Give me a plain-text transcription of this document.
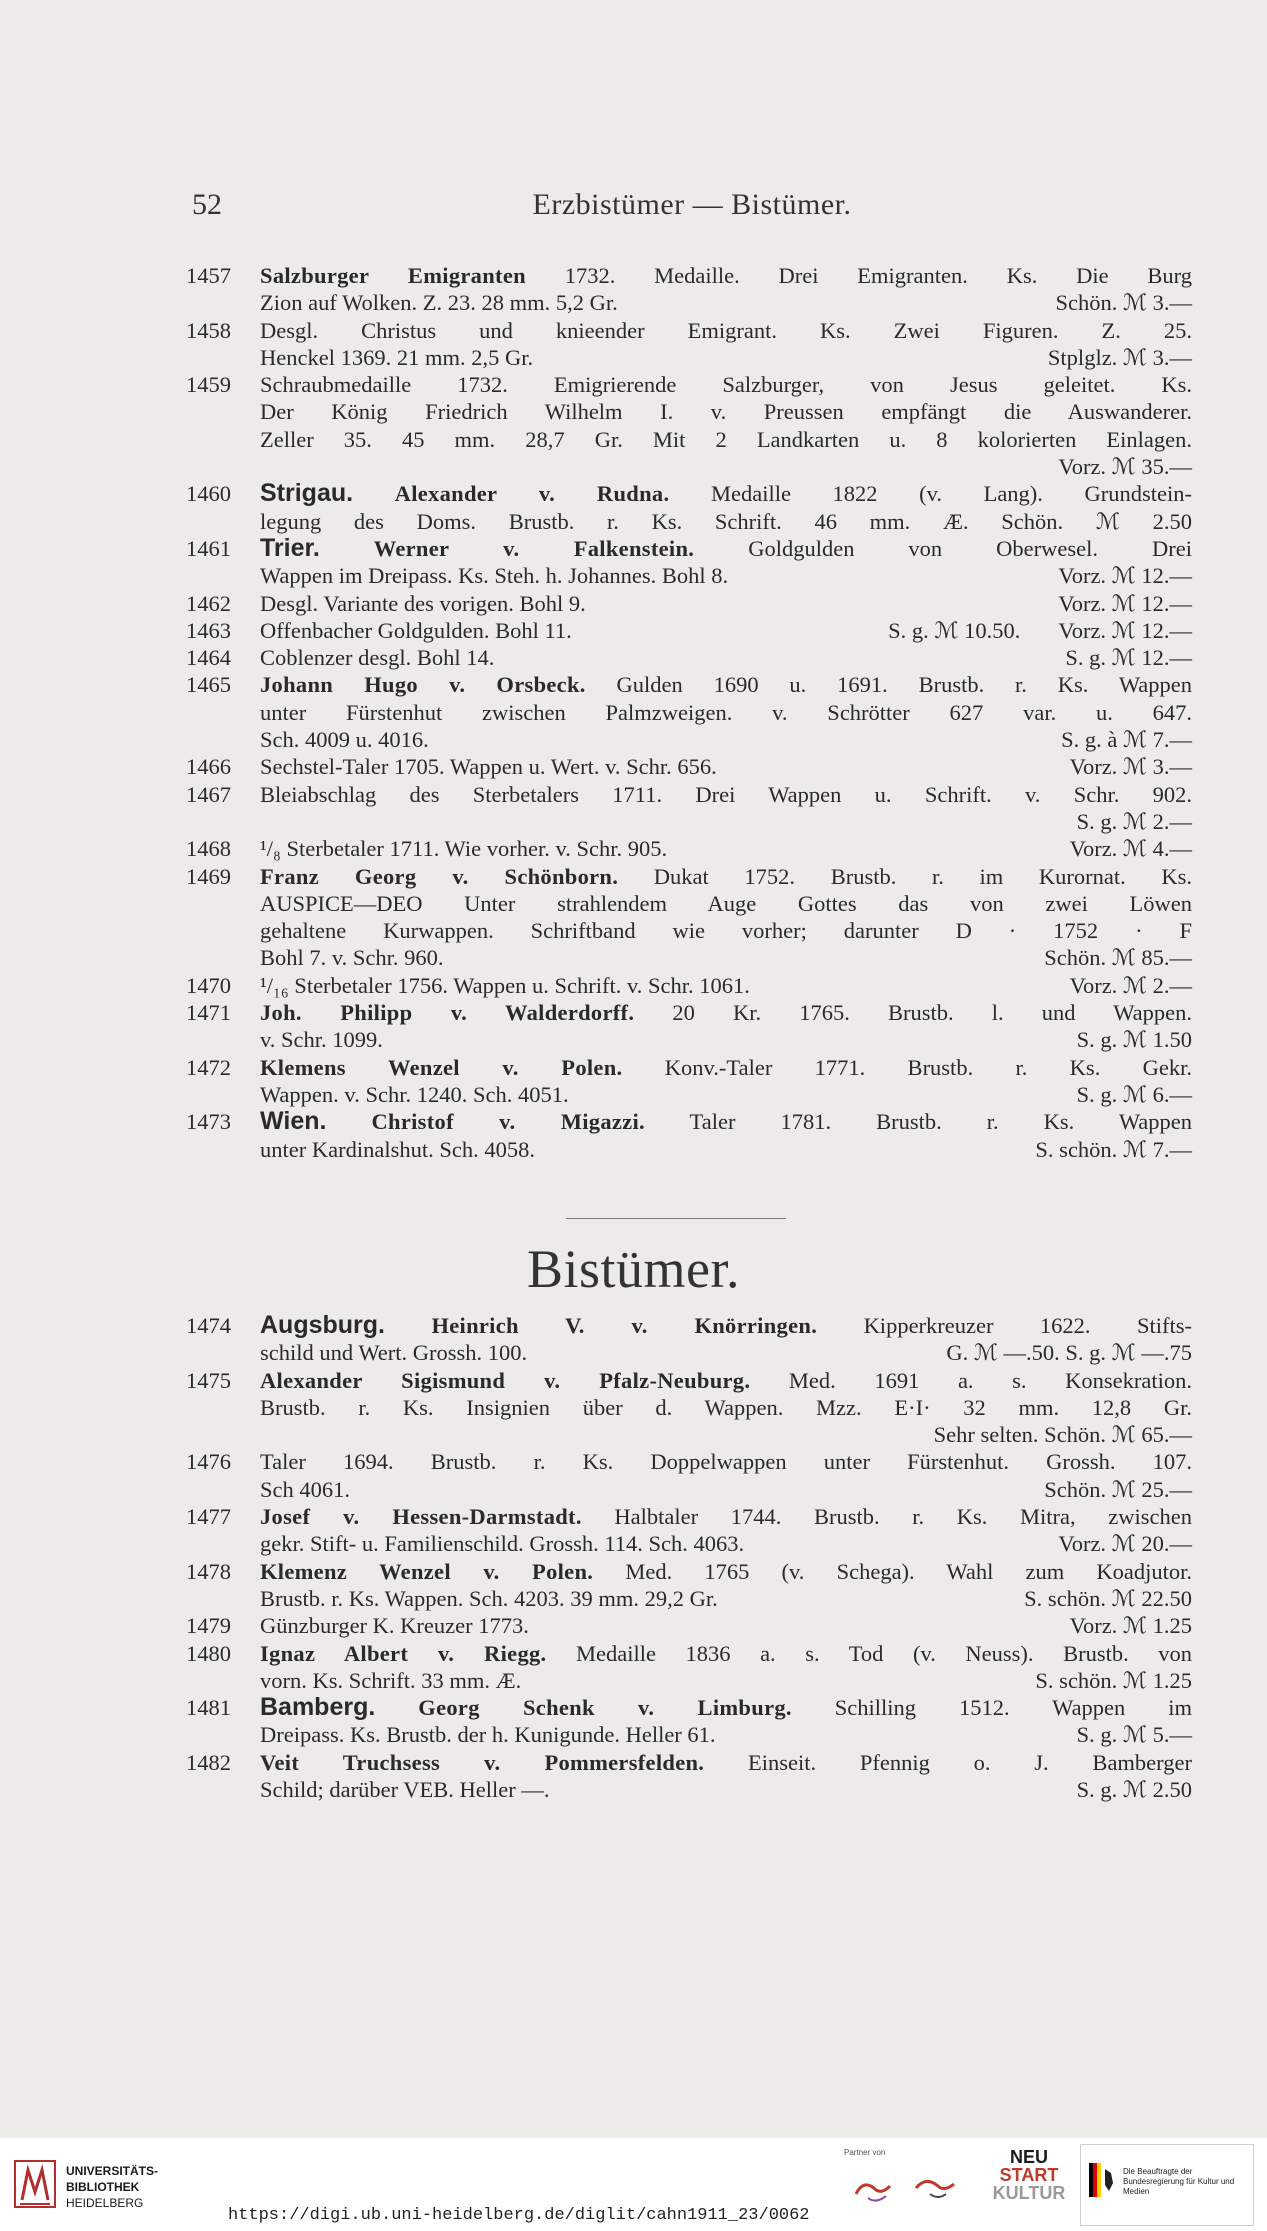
52	Erzbistümer — Bistümer.
1457 Salzburger Emigranten 1732. Medaille. Drei Emigranten. Ks. Die Burg
Zion auf Wolken. Z. 23. 28 mm. 5,2 Gr.	Schön. ℳ 3.—
1458 Desgl. Christus und knieender Emigrant. Ks. Zwei Figuren. Z. 25.
Henckel 1369. 21 mm. 2,5 Gr.	Stplglz. ℳ 3.—
1459 Schraubmedaille 1732. Emigrierende Salzburger, von Jesus geleitet. Ks.
Der König Friedrich Wilhelm I. v. Preussen empfängt die Auswanderer.
Zeller 35. 45 mm. 28,7 Gr. Mit 2 Landkarten u. 8 kolorierten Einlagen.
Vorz. ℳ 35.—
1460 Strigau. Alexander v. Rudna. Medaille 1822 (v. Lang). Grundstein-
legung des Doms. Brustb. r. Ks. Schrift. 46 mm. Æ. Schön. ℳ 2.50
1461 Trier. Werner v. Falkenstein. Goldgulden von Oberwesel. Drei
Wappen im Dreipass. Ks. Steh. h. Johannes. Bohl 8.	Vorz. ℳ 12.—
1462 Desgl. Variante des vorigen. Bohl 9.	Vorz. ℳ 12.—
1463 Offenbacher Goldgulden. Bohl 11.	S. g. ℳ 10.50. Vorz. ℳ 12.—
1464 Coblenzer desgl. Bohl 14.	S. g. ℳ 12.—
1465 Johann Hugo v. Orsbeck. Gulden 1690 u. 1691. Brustb. r. Ks. Wappen
unter Fürstenhut zwischen Palmzweigen. v. Schrötter 627 var. u. 647.
Sch. 4009 u. 4016.	S. g. à ℳ 7.—
1466 Sechstel-Taler 1705. Wappen u. Wert. v. Schr. 656.	Vorz. ℳ 3.—
1467 Bleiabschlag des Sterbetalers 1711. Drei Wappen u. Schrift. v. Schr. 902.
S. g. ℳ 2.—
1468 ¹/₈ Sterbetaler 1711. Wie vorher. v. Schr. 905.	Vorz. ℳ 4.—
1469 Franz Georg v. Schönborn. Dukat 1752. Brustb. r. im Kurornat. Ks.
AUSPICE—DEO Unter strahlendem Auge Gottes das von zwei Löwen
gehaltene Kurwappen. Schriftband wie vorher; darunter D · 1752 · F
Bohl 7. v. Schr. 960.	Schön. ℳ 85.—
1470 ¹/₁₆ Sterbetaler 1756. Wappen u. Schrift. v. Schr. 1061.	Vorz. ℳ 2.—
1471 Joh. Philipp v. Walderdorff. 20 Kr. 1765. Brustb. l. und Wappen.
v. Schr. 1099.	S. g. ℳ 1.50
1472 Klemens Wenzel v. Polen. Konv.-Taler 1771. Brustb. r. Ks. Gekr.
Wappen. v. Schr. 1240. Sch. 4051.	S. g. ℳ 6.—
1473 Wien. Christof v. Migazzi. Taler 1781. Brustb. r. Ks. Wappen
unter Kardinalshut. Sch. 4058.	S. schön. ℳ 7.—
Bistümer.
1474 Augsburg. Heinrich V. v. Knörringen. Kipperkreuzer 1622. Stifts-
schild und Wert. Grossh. 100.	G. ℳ —.50. S. g. ℳ —.75
1475 Alexander Sigismund v. Pfalz-Neuburg. Med. 1691 a. s. Konsekration.
Brustb. r. Ks. Insignien über d. Wappen. Mzz. E·I· 32 mm. 12,8 Gr.
Sehr selten. Schön. ℳ 65.—
1476 Taler 1694. Brustb. r. Ks. Doppelwappen unter Fürstenhut. Grossh. 107.
Sch 4061.	Schön. ℳ 25.—
1477 Josef v. Hessen-Darmstadt. Halbtaler 1744. Brustb. r. Ks. Mitra, zwischen
gekr. Stift- u. Familienschild. Grossh. 114. Sch. 4063.	Vorz. ℳ 20.—
1478 Klemenz Wenzel v. Polen. Med. 1765 (v. Schega). Wahl zum Koadjutor.
Brustb. r. Ks. Wappen. Sch. 4203. 39 mm. 29,2 Gr.	S. schön. ℳ 22.50
1479 Günzburger K. Kreuzer 1773.	Vorz. ℳ 1.25
1480 Ignaz Albert v. Riegg. Medaille 1836 a. s. Tod (v. Neuss). Brustb. von
vorn. Ks. Schrift. 33 mm. Æ.	S. schön. ℳ 1.25
1481 Bamberg. Georg Schenk v. Limburg. Schilling 1512. Wappen im
Dreipass. Ks. Brustb. der h. Kunigunde. Heller 61.	S. g. ℳ 5.—
1482 Veit Truchsess v. Pommersfelden. Einseit. Pfennig o. J. Bamberger
Schild; darüber VEB. Heller —.	S. g. ℳ 2.50
UNIVERSITÄTS-
BIBLIOTHEK
HEIDELBERG
https://digi.ub.uni-heidelberg.de/diglit/cahn1911_23/0062
Partner von	NEU
START
KULTUR
Die Beauftragte der Bundesregierung für Kultur und Medien
